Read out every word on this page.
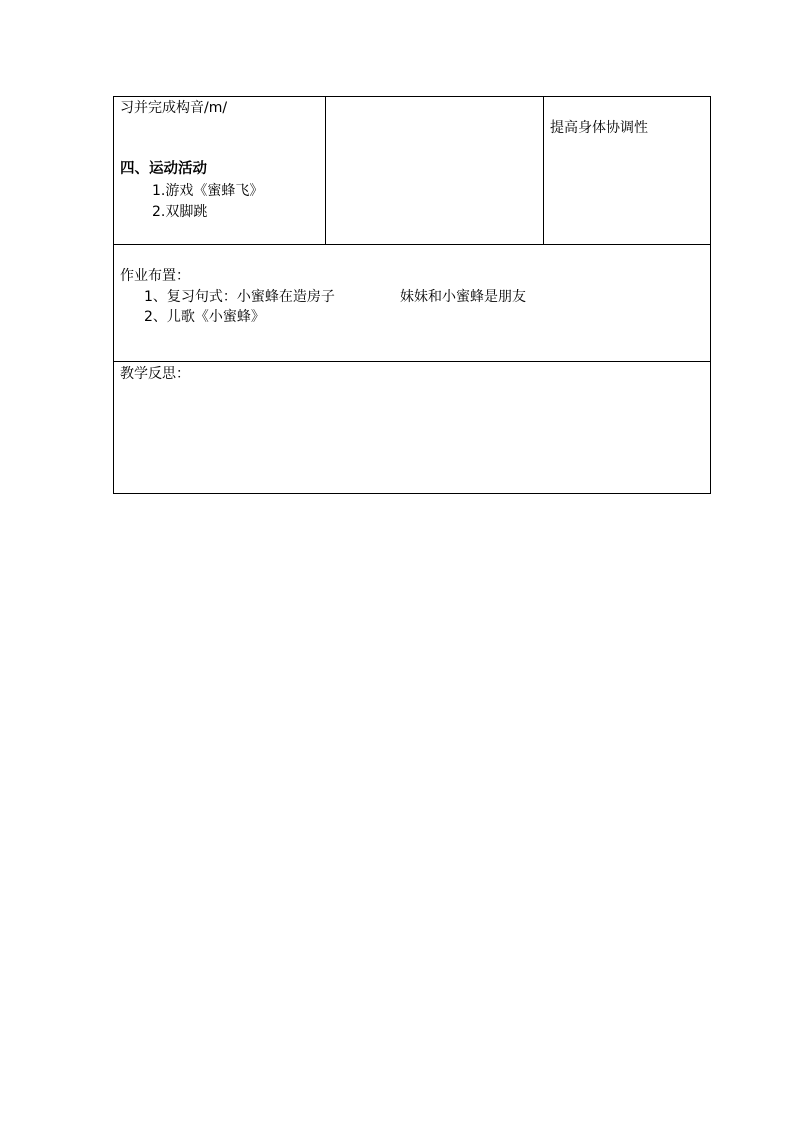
习并完成构音/m/
四、运动活动
1.游戏《蜜蜂飞》
2.双脚跳
提高身体协调性
作业布置：
1、复习句式：小蜜蜂在造房子	妹妹和小蜜蜂是朋友
2、儿歌《小蜜蜂》
教学反思：
